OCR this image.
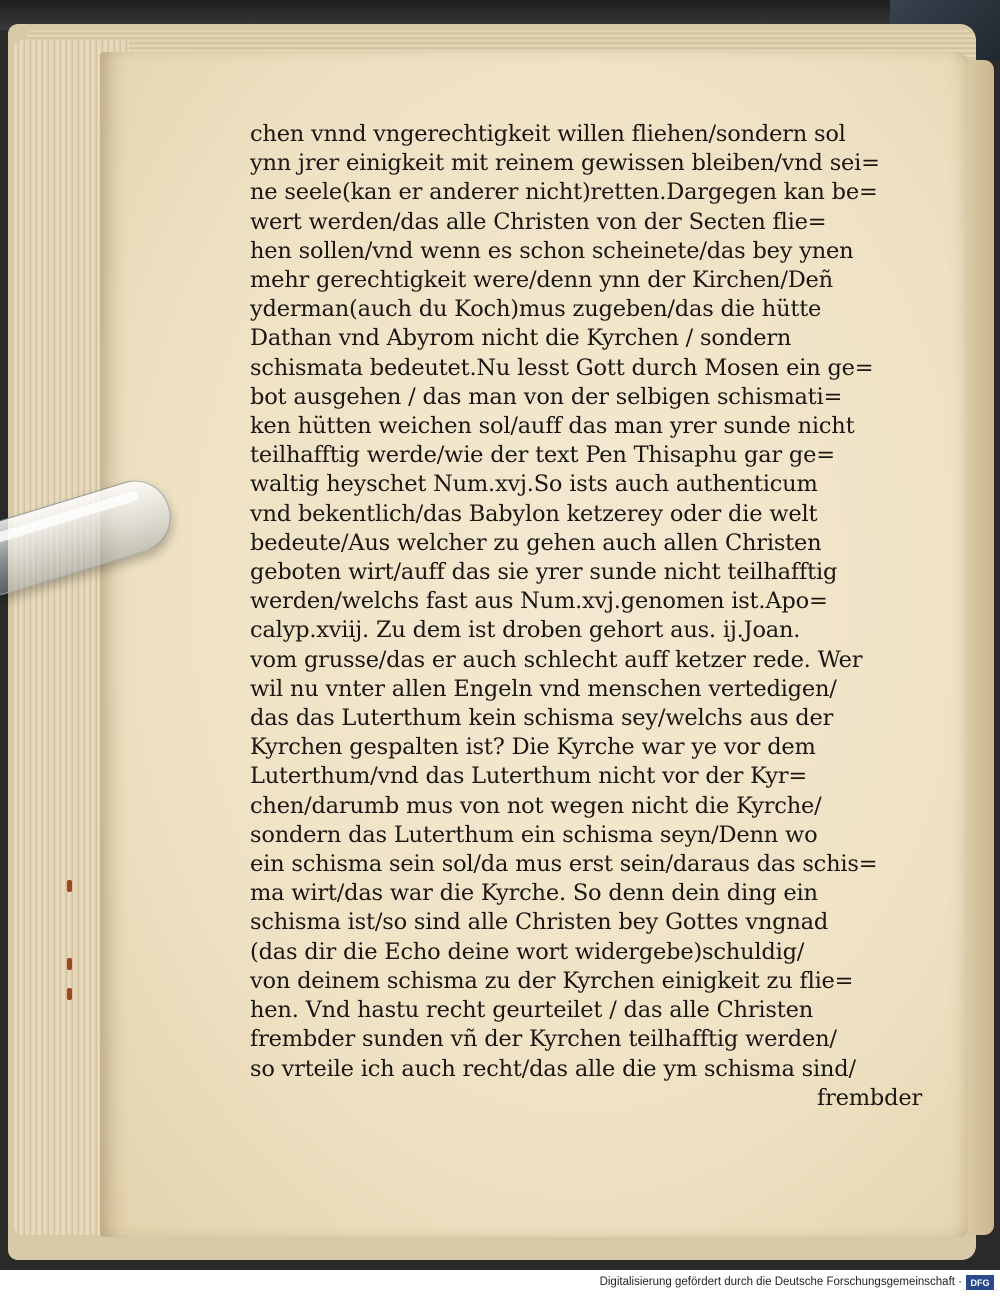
chen vnnd vngerechtigkeit willen fliehen/sondern sol
ynn jrer einigkeit mit reinem gewissen bleiben/vnd sei=
ne seele(kan er anderer nicht)retten.Dargegen kan be=
wert werden/das alle Christen von der Secten flie=
hen sollen/vnd wenn es schon scheinete/das bey ynen
mehr gerechtigkeit were/denn ynn der Kirchen/Deñ
yderman(auch du Koch)mus zugeben/das die hütte
Dathan vnd Abyrom nicht die Kyrchen / sondern
schismata bedeutet.Nu lesst Gott durch Mosen ein ge=
bot ausgehen / das man von der selbigen schismati=
ken hütten weichen sol/auff das man yrer sunde nicht
teilhafftig werde/wie der text Pen Thisaphu gar ge=
waltig heyschet Num.xvj.So ists auch authenticum
vnd bekentlich/das Babylon ketzerey oder die welt
bedeute/Aus welcher zu gehen auch allen Christen
geboten wirt/auff das sie yrer sunde nicht teilhafftig
werden/welchs fast aus Num.xvj.genomen ist.Apo=
calyp.xviij. Zu dem ist droben gehort aus. ij.Joan.
vom grusse/das er auch schlecht auff ketzer rede. Wer
wil nu vnter allen Engeln vnd menschen vertedigen/
das das Luterthum kein schisma sey/welchs aus der
Kyrchen gespalten ist? Die Kyrche war ye vor dem
Luterthum/vnd das Luterthum nicht vor der Kyr=
chen/darumb mus von not wegen nicht die Kyrche/
sondern das Luterthum ein schisma seyn/Denn wo
ein schisma sein sol/da mus erst sein/daraus das schis=
ma wirt/das war die Kyrche. So denn dein ding ein
schisma ist/so sind alle Christen bey Gottes vngnad
(das dir die Echo deine wort widergebe)schuldig/
von deinem schisma zu der Kyrchen einigkeit zu flie=
hen. Vnd hastu recht geurteilet / das alle Christen
frembder sunden vñ der Kyrchen teilhafftig werden/
so vrteile ich auch recht/das alle die ym schisma sind/
frembder
Digitalisierung gefördert durch die Deutsche Forschungsgemeinschaft · DFG
